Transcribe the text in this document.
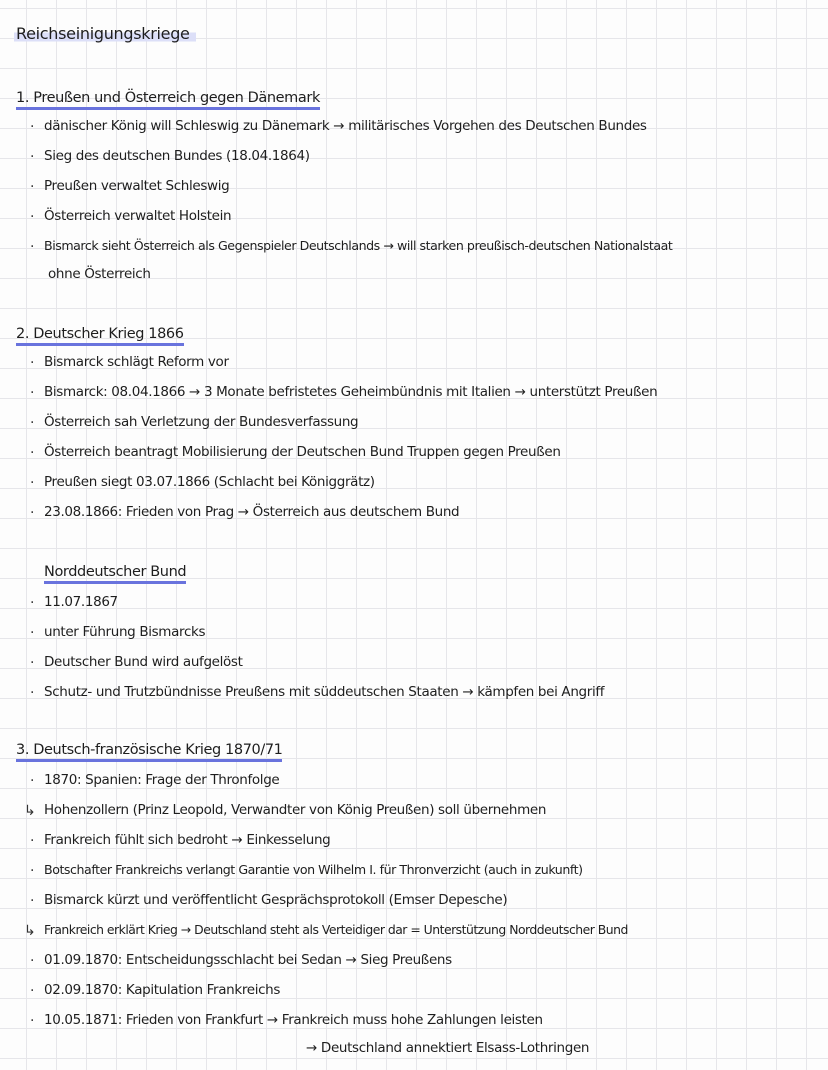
Reichseinigungskriege
1. Preußen und Österreich gegen Dänemark
· dänischer König will Schleswig zu Dänemark → militärisches Vorgehen des Deutschen Bundes
· Sieg des deutschen Bundes (18.04.1864)
· Preußen verwaltet Schleswig
· Österreich verwaltet Holstein
· Bismarck sieht Österreich als Gegenspieler Deutschlands → will starken preußisch-deutschen Nationalstaat
ohne Österreich
2. Deutscher Krieg 1866
· Bismarck schlägt Reform vor
· Bismarck: 08.04.1866 → 3 Monate befristetes Geheimbündnis mit Italien → unterstützt Preußen
· Österreich sah Verletzung der Bundesverfassung
· Österreich beantragt Mobilisierung der Deutschen Bund Truppen gegen Preußen
· Preußen siegt 03.07.1866 (Schlacht bei Königgrätz)
· 23.08.1866: Frieden von Prag → Österreich aus deutschem Bund
Norddeutscher Bund
· 11.07.1867
· unter Führung Bismarcks
· Deutscher Bund wird aufgelöst
· Schutz- und Trutzbündnisse Preußens mit süddeutschen Staaten → kämpfen bei Angriff
3. Deutsch-französische Krieg 1870/71
· 1870: Spanien: Frage der Thronfolge
↳ Hohenzollern (Prinz Leopold, Verwandter von König Preußen) soll übernehmen
· Frankreich fühlt sich bedroht → Einkesselung
· Botschafter Frankreichs verlangt Garantie von Wilhelm I. für Thronverzicht (auch in zukunft)
· Bismarck kürzt und veröffentlicht Gesprächsprotokoll (Emser Depesche)
↳ Frankreich erklärt Krieg → Deutschland steht als Verteidiger dar = Unterstützung Norddeutscher Bund
· 01.09.1870: Entscheidungsschlacht bei Sedan → Sieg Preußens
· 02.09.1870: Kapitulation Frankreichs
· 10.05.1871: Frieden von Frankfurt → Frankreich muss hohe Zahlungen leisten
→ Deutschland annektiert Elsass-Lothringen
